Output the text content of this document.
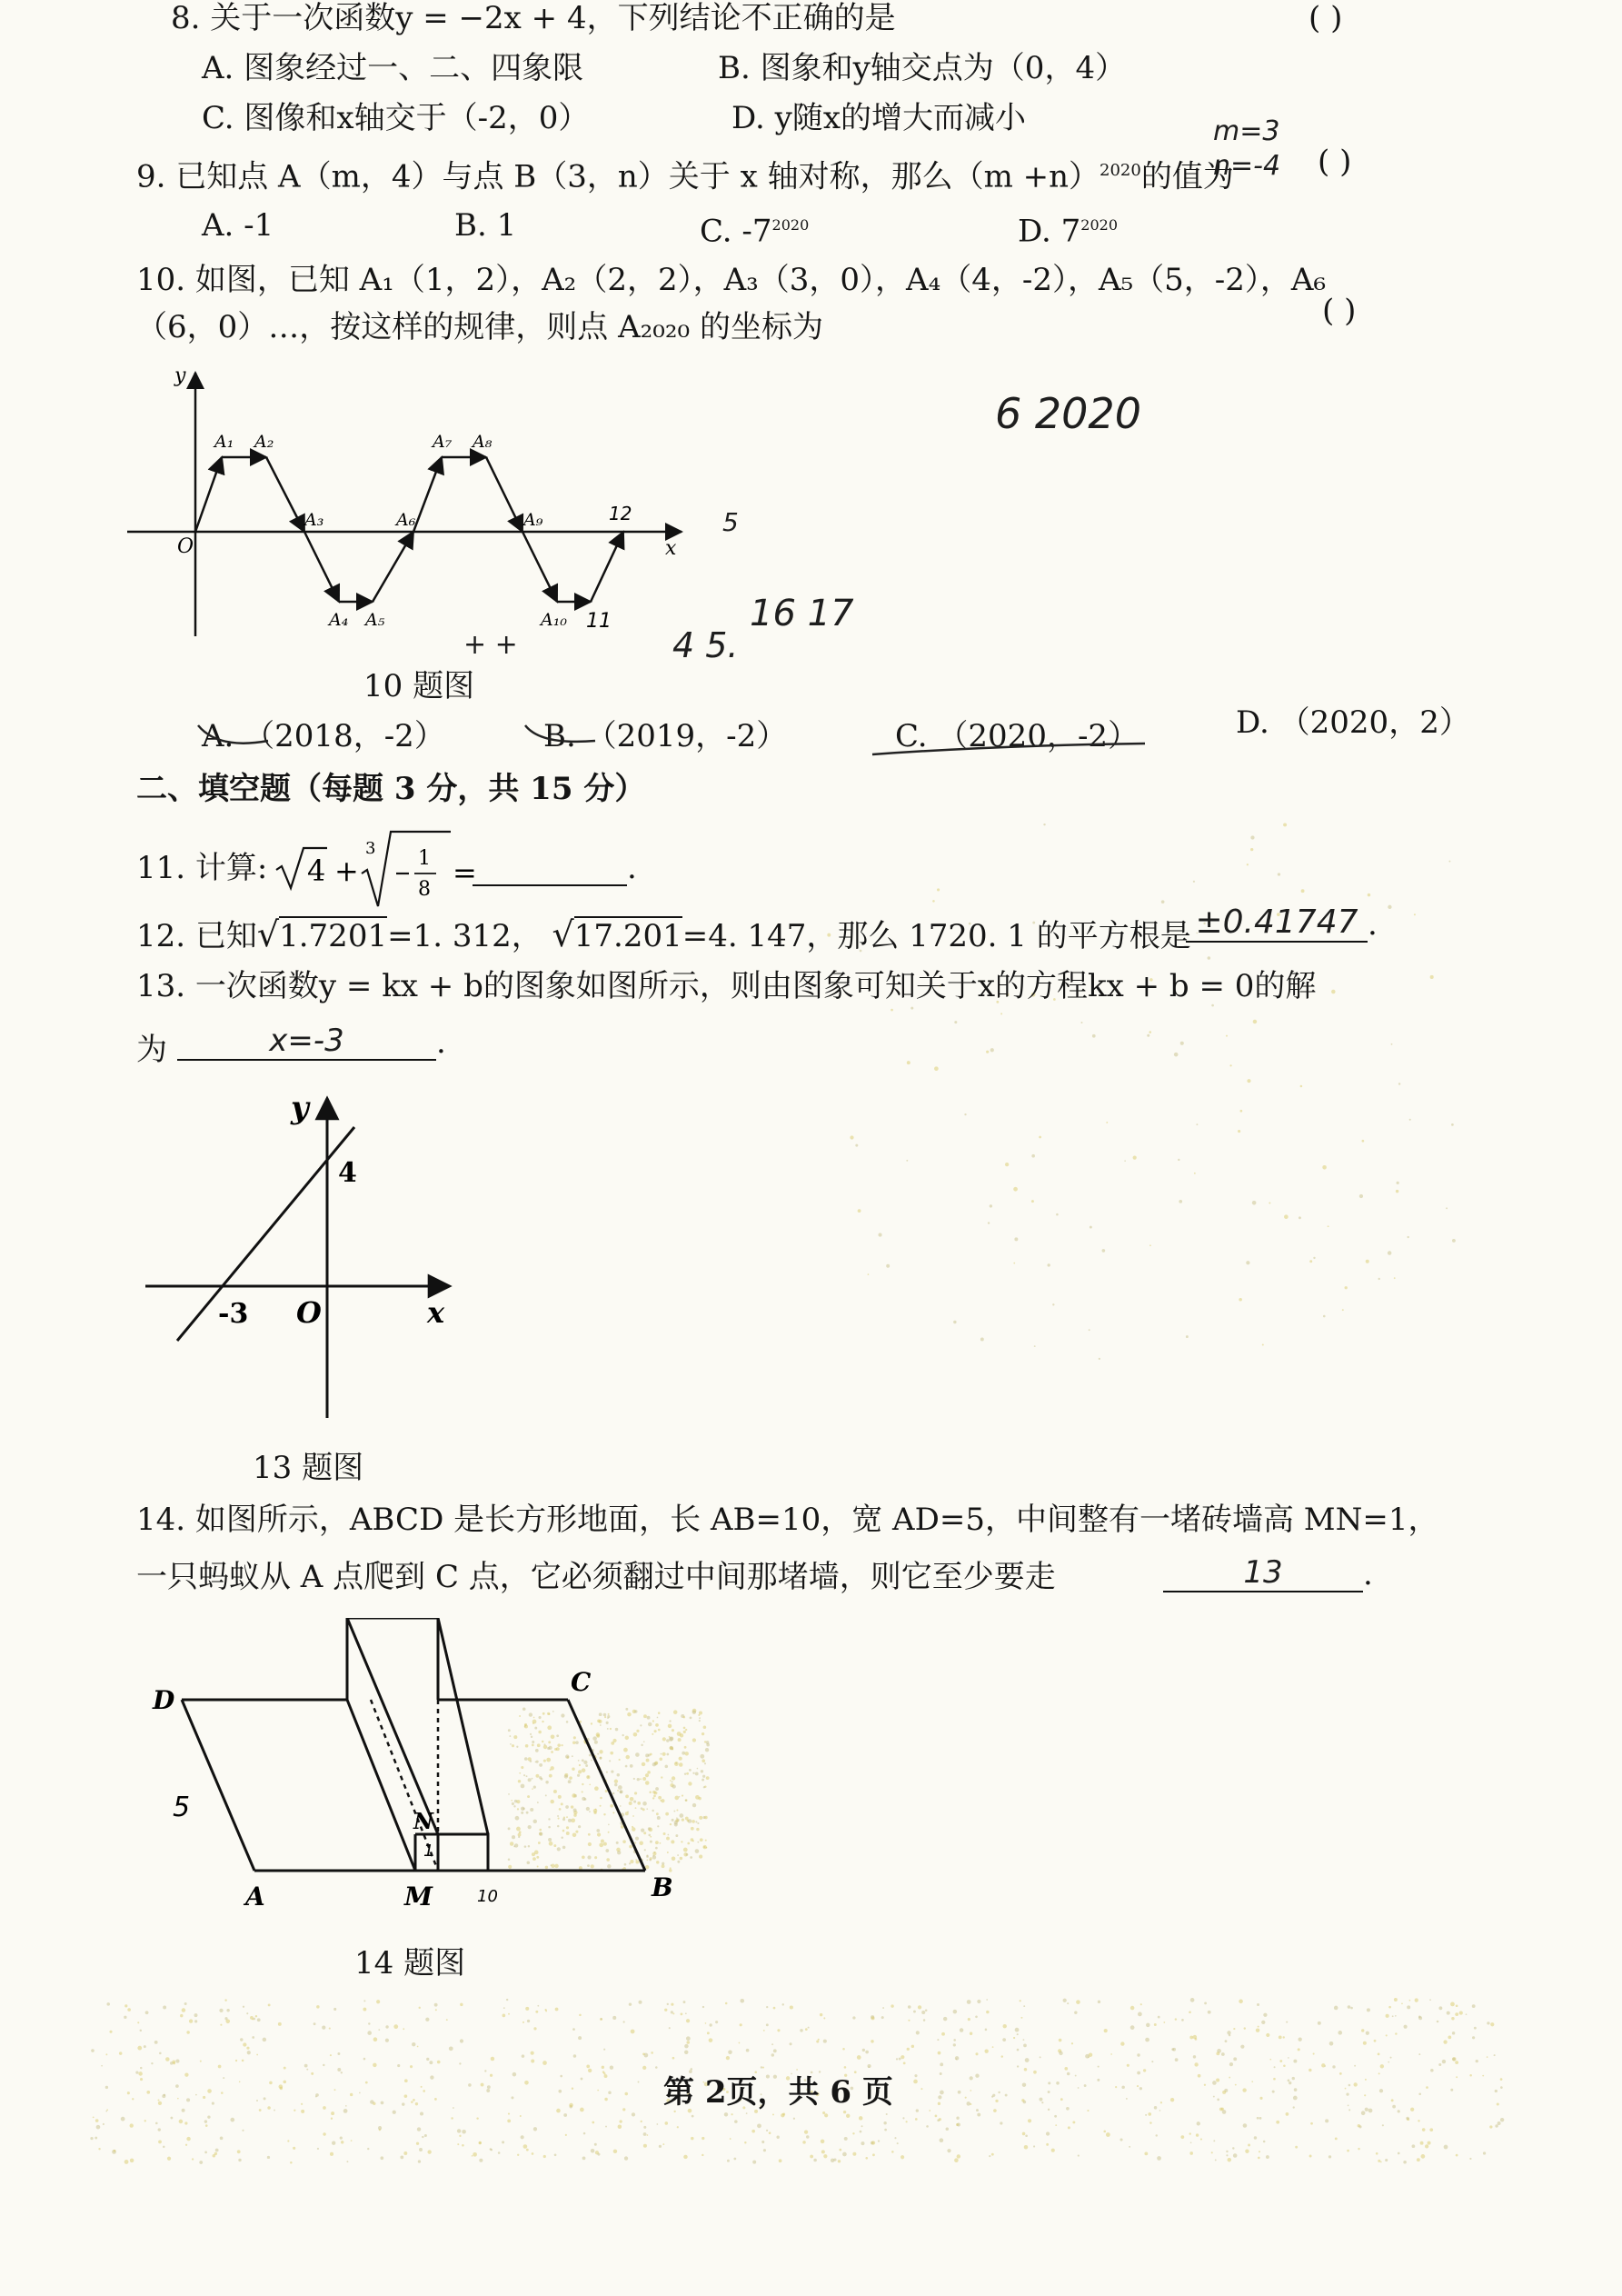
8. 关于一次函数y = −2x + 4，下列结论不正确的是	( )
A. 图象经过一、二、四象限	B. 图象和y轴交点为（0，4）
C. 图像和x轴交于（-2，0）	D. y随x的增大而减小
9. 已知点 A（m，4）与点 B（3，n）关于 x 轴对称，那么$(m +n)^{2020}$的值为	( )
m=3
n=-4
A. -1	B. 1	C. $-7^{2020}$	D. $7^{2020}$
10. 如图，已知 A₁（1，2），A₂（2，2），A₃（3，0），A₄（4，-2），A₅（5，-2），A₆
（6，0）…，按这样的规律，则点 A₂₀₂₀ 的坐标为	( )
6 2020
y
x
O
A₁ A₂
A₃
A₄ A₅
A₆
A₇ A₈
A₉
A₁₀
12
11
5
4 5.
16 17
+ +
10 题图
A. （2018，-2）	B. （2019，-2）	C. （2020，-2）	D. （2020，2）
二、填空题（每题 3 分，共 15 分）
11. 计算: 4 +
3 1
8 =	.
12. 已知√1.7201=1. 312， √17.201=4. 147，那么 1720. 1 的平方根是 ±0.41747 .
13. 一次函数y = kx + b的图象如图所示，则由图象可知关于x的方程kx + b = 0的解
为	x=-3	.
y
x
O
4
-3
13 题图
14. 如图所示，ABCD 是长方形地面，长 AB=10，宽 AD=5，中间整有一堵砖墙高 MN=1，
一只蚂蚁从 A 点爬到 C 点，它必须翻过中间那堵墙，则它至少要走	13	.
D
C
A	B
M
N
5
1
10
14 题图
第 2页，共 6 页
